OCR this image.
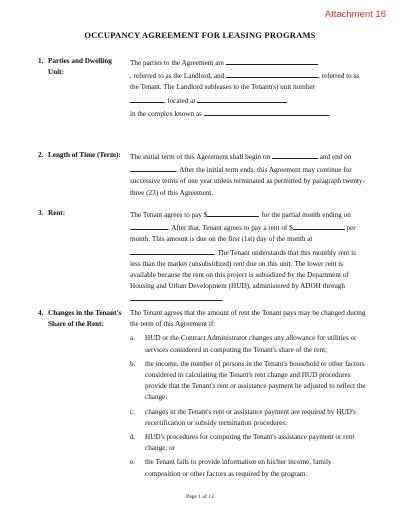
Attachment 16
OCCUPANCY AGREEMENT FOR LEASING PROGRAMS
1. Parties and Dwelling Unit:

The parties to the Agreement are

, referred to as the Landlord, and	, referred to as the Tenant. The Landlord subleases to the Tenant(s) unit number

, located at

in the complex known as	.

2. Length of Time (Term): The initial term of this Agreement shall begin on	and end on . After the initial term ends, this Agreement may continue for successive terms of one year unless terminated as permitted by paragraph twenty-three (23) of this Agreement.

3. Rent:	The Tenant agrees to pay $	for the partial month ending on . After that, Tenant agrees to pay a rent of $	per month. This amount is due on the first (1st) day of the month at . The Tenant understands that this monthly rent is less than the market (unsubsidized) rent due on this unit. The lower rent is available because the rent on this project is subsidized by the Department of Housing and Urban Development (HUD), administered by ADOH through .

4. Changes in the Tenant's Share of the Rent:

The Tenant agrees that the amount of rent the Tenant pays may be changed during the term of this Agreement if:

a. HUD or the Contract Administrator changes any allowance for utilities or services considered in computing the Tenant's share of the rent;
b. the income, the number of persons in the Tenant's household or other factors considered in calculating the Tenant's rent change and HUD procedures provide that the Tenant's rent or assistance payment be adjusted to reflect the change;
c. changes in the Tenant's rent or assistance payment are required by HUD's recertification or subsidy termination procedures;
d. HUD's procedures for computing the Tenant's assistance payment or rent change; or
e. the Tenant fails to provide information on his/her income, family composition or other factors as required by the program.
Page 1 of 12
